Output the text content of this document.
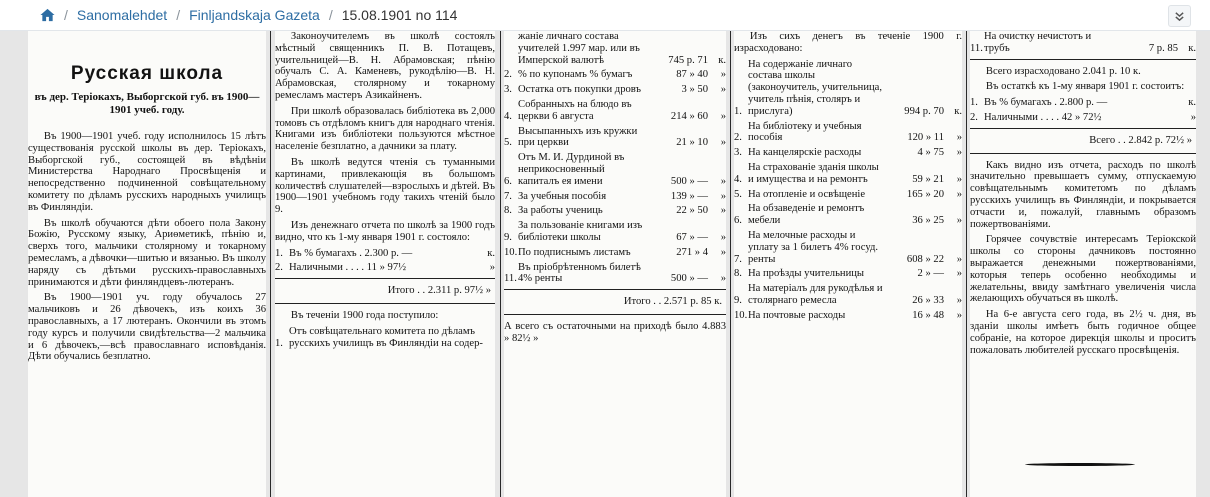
/ Sanomalehdet / Finljandskaja Gazeta / 15.08.1901 no 114
Русская школа
въ дер. Теріокахъ, Выборгской губ. въ 1900—1901 учеб. году.

Въ 1900—1901 учеб. году исполнилось 15 лѣтъ существованія русской школы въ дер. Теріокахъ, Выборгской губ., состоящей въ вѣдѣніи Министерства Народнаго Просвѣщенія и непосредственно подчиненной совѣщательному комитету по дѣламъ русскихъ народныхъ училищъ въ Финляндіи.

Въ школѣ обучаются дѣти обоего пола Закону Божію, Русскому языку, Ариѳметикѣ, пѣнію и, сверхъ того, мальчики столярному и токарному ремесламъ, а дѣвочки—шитью и вязанью. Въ школу наряду съ дѣтьми русскихъ-православныхъ принимаются и дѣти финляндцевъ-лютеранъ.

Въ 1900—1901 уч. году обучалось 27 мальчиковъ и 26 дѣвочекъ, изъ коихъ 36 православныхъ, а 17 лютеранъ. Окончили въ этомъ году курсъ и получили свидѣтельства—2 мальчика и 6 дѣвочекъ,—всѣ православнаго исповѣданія. Дѣти обучались безплатно.

Законоучителемъ въ школѣ состоялъ мѣстный священникъ П. В. Потащевъ, учительницей—В. Н. Абрамовская; пѣнію обучалъ С. А. Каменевъ, рукодѣлію—В. Н. Абрамовская, столярному и токарному ремесламъ мастеръ Азикайненъ.

При школѣ образовалась библіотека въ 2,000 томовъ съ отдѣломъ книгъ для народнаго чтенія. Книгами изъ библіотеки пользуются мѣстное населеніе безплатно, а дачники за плату.

Въ школѣ ведутся чтенія съ туманными картинами, привлекающія въ большомъ количествѣ слушателей—взрослыхъ и дѣтей. Въ 1900—1901 учебномъ году такихъ чтеній было 9.

Изъ денежнаго отчета по школѣ за 1900 годъ видно, что къ 1-му января 1901 г. состояло:

1. Въ % бумагахъ . 2.300 р. —	к.
2. Наличными . . . . 11 » 97½	»
Итого . . 2.311 р. 97½ »

Въ теченіи 1900 года поступило:

1.
Отъ совѣщательнаго комитета по дѣламъ русскихъ училищъ въ Финляндіи на содер-
жаніе личнаго состава учителей 1.997 мар. или въ Имперской валютѣ	745 р. 71 к.
2. % по купонамъ % бумагъ	87 » 40	»
3. Остатка отъ покупки дровъ	3 » 50	»
4.
Собранныхъ на блюдо въ церкви 6 августа	214 » 60	»
5.
Высыпанныхъ изъ кружки при церкви	21 » 10	»
6.
Отъ М. И. Дурдиной въ неприкосновенный капиталъ ея имени	500 » —	»
7. За учебныя пособія	139 » —	»
8. За работы учениць	22 » 50	»
9.
За пользованіе книгами изъ библіотеки школы	67 » —	»
10. По подписнымъ листамъ	271 » 4	»
11.
Въ пріобрѣтенномъ билетѣ 4% ренты	500 » —	»
Итого . . 2.571 р. 85 к.

А всего съ остаточными на приходѣ было 4.883 » 82½ »

Изъ сихъ денегъ въ теченіе 1900 г. израсходовано:

1.
На содержаніе личнаго состава школы (законоучитель, учительница, учитель пѣнія, столяръ и прислуга)	994 р. 70 к.
2.
На библіотеку и учебныя пособія	120 » 11	»
3. На канцелярскіе расходы	4 » 75	»
4.
На страхованіе зданія школы и имущества и на ремонтъ	59 » 21	»
5. На отопленіе и освѣщеніе	165 » 20	»
6.
На обзаведеніе и ремонтъ мебели	36 » 25	»
7.
На мелочные расходы и уплату за 1 билетъ 4% госуд. ренты	608 » 22	»
8. На проѣзды учительницы	2 » —	»
9.
На матеріалъ для рукодѣлья и столярнаго ремесла	26 » 33	»
10. На почтовые расходы	16 » 48	»
11.
На очистку нечистотъ и трубъ	7 р. 85 к.

Всего израсходовано 2.041 р. 10 к.

Въ остаткѣ къ 1-му января 1901 г. состоитъ:

1. Въ % бумагахъ . 2.800 р. —	к.
2. Наличными . . . . 42 » 72½	»
Всего . . 2.842 р. 72½ »

Какъ видно изъ отчета, расходъ по школѣ значительно превышаетъ сумму, отпускаемую совѣщательнымъ комитетомъ по дѣламъ русскихъ училищъ въ Финляндіи, и покрывается отчасти и, пожалуй, главнымъ образомъ пожертвованіями.

Горячее сочувствіе интересамъ Теріокской школы со стороны дачниковъ постоянно выражается денежными пожертвованіями, которыя теперь особенно необходимы и желательны, ввиду замѣтнаго увеличенія числа желающихъ обучаться въ школѣ.

На 6-е августа сего года, въ 2½ ч. дня, въ зданіи школы имѣетъ быть годичное общее собраніе, на которое дирекція школы и проситъ пожаловать любителей русскаго просвѣщенія.
